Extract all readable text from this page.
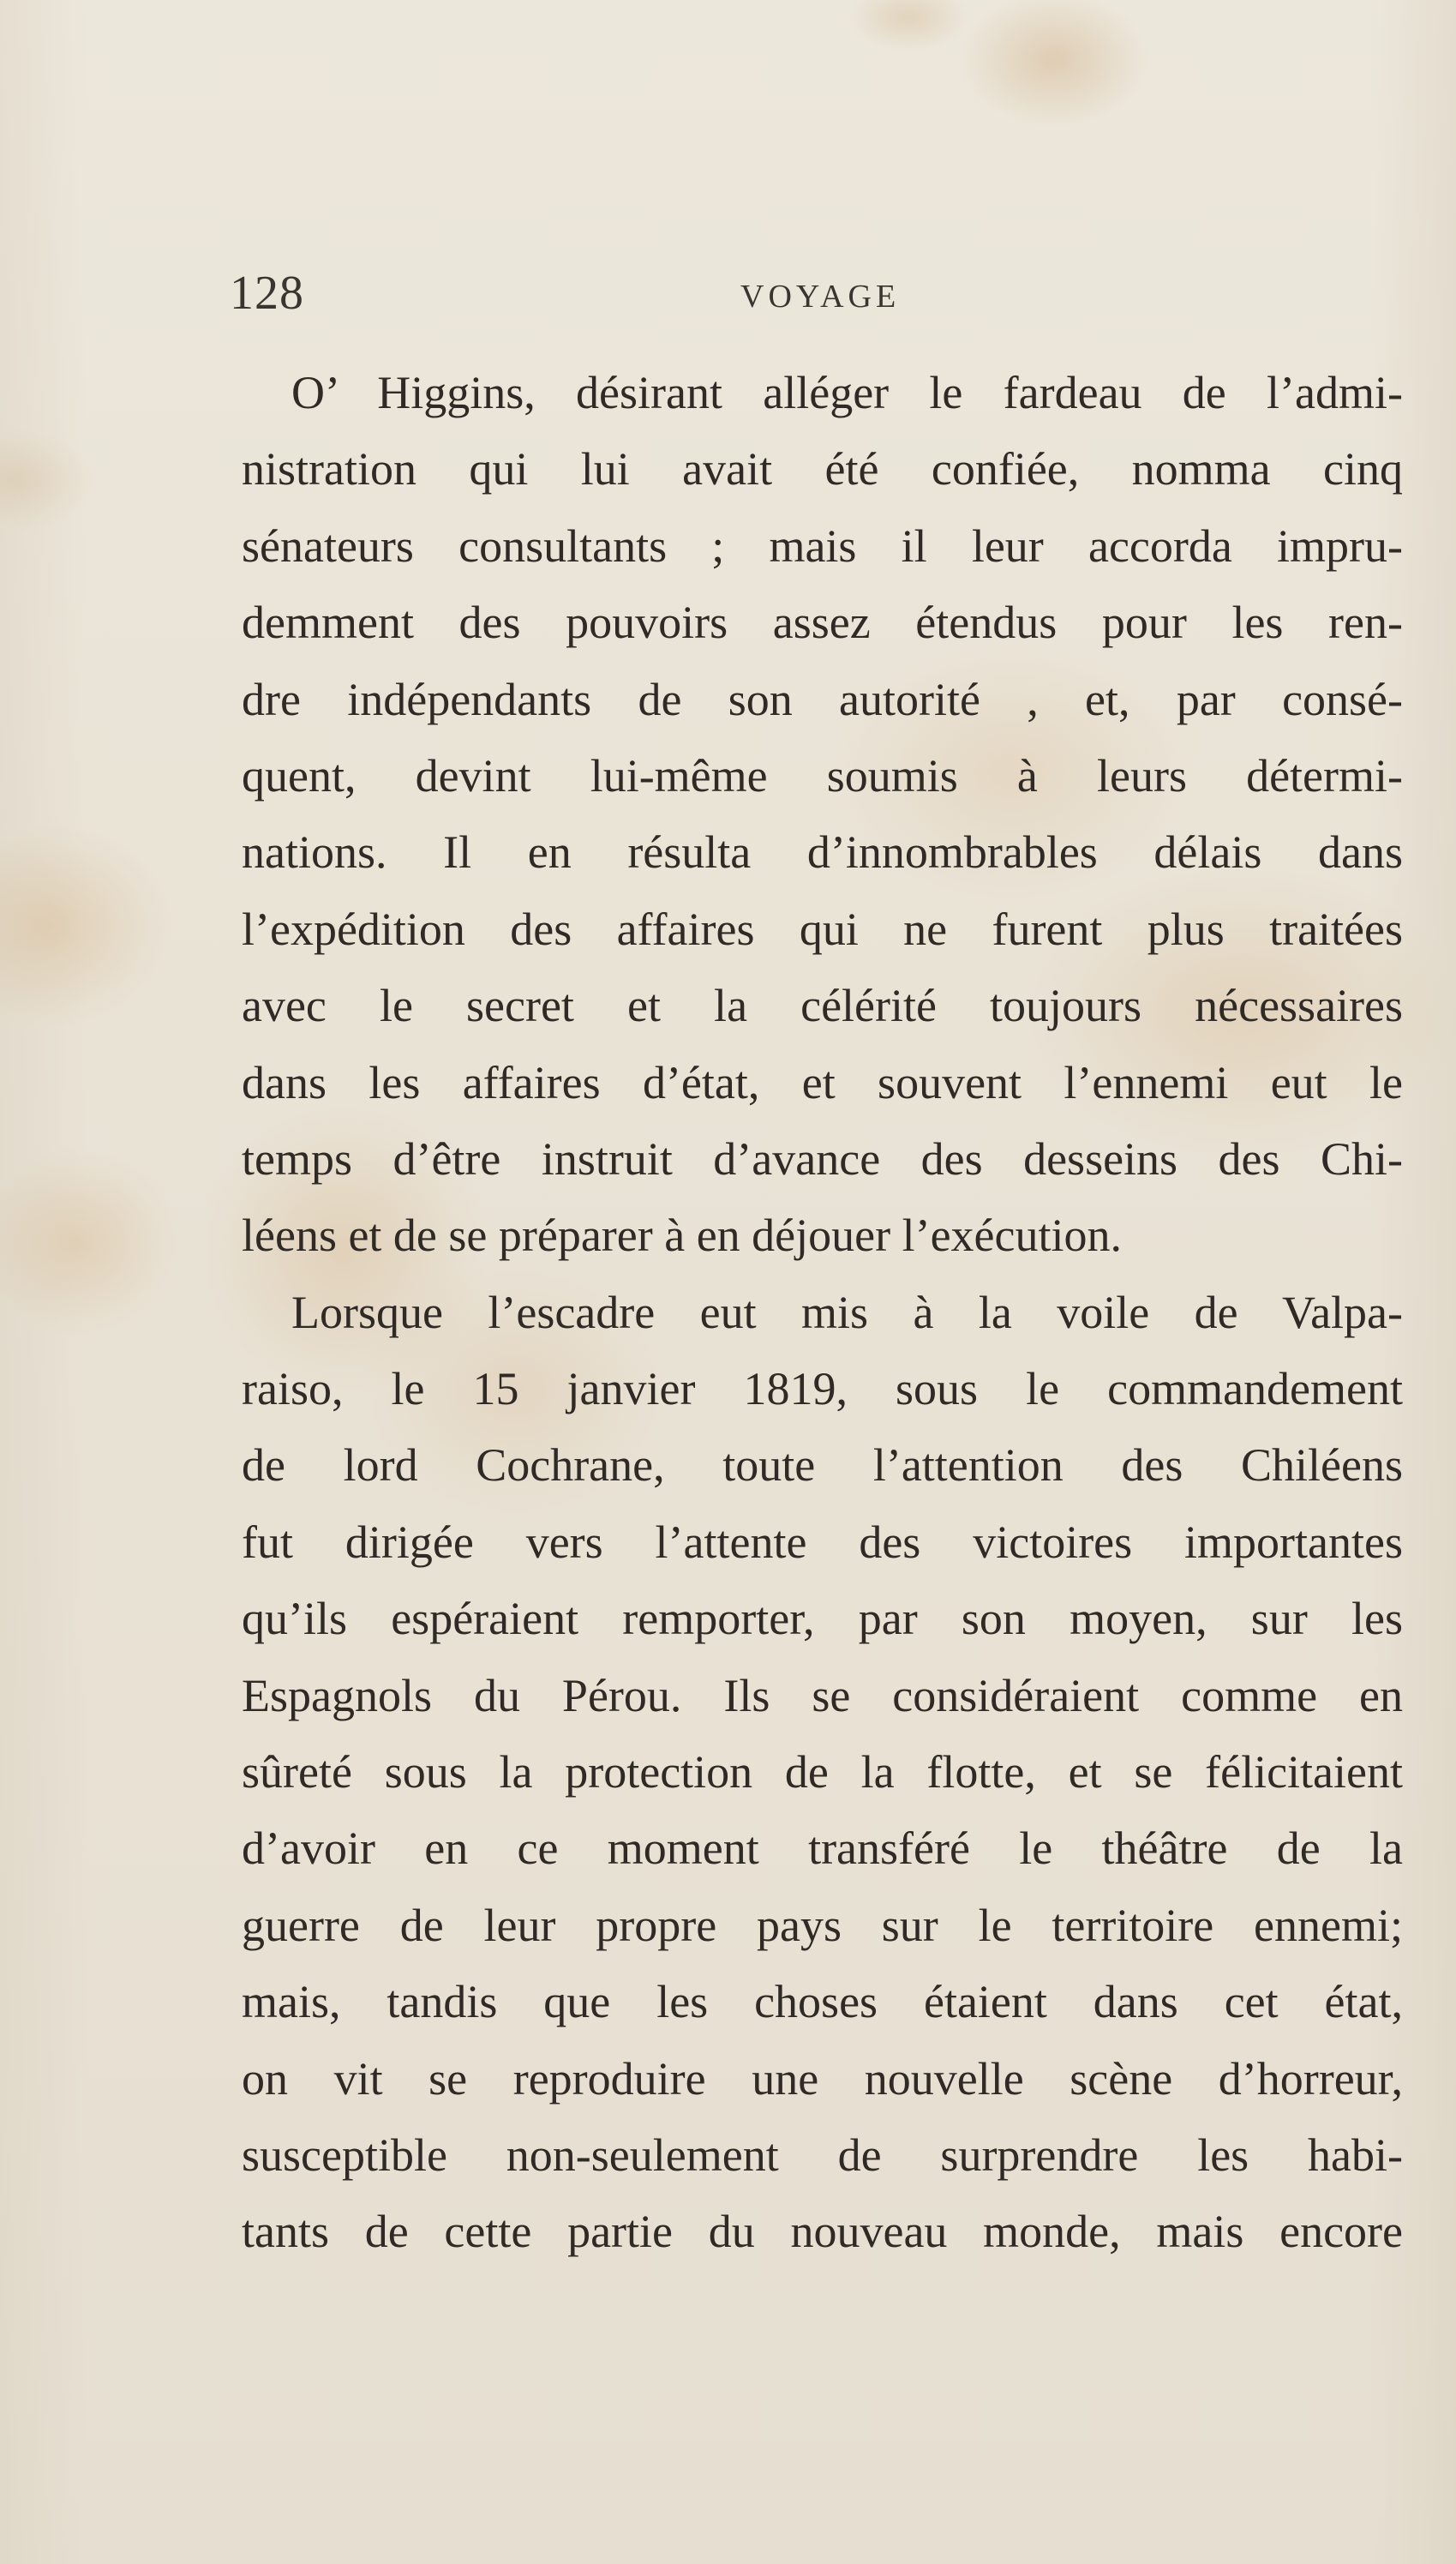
128	VOYAGE
O’ Higgins, désirant alléger le fardeau de l’admi-
nistration qui lui avait été confiée, nomma cinq
sénateurs consultants ; mais il leur accorda impru-
demment des pouvoirs assez étendus pour les ren-
dre indépendants de son autorité , et, par consé-
quent, devint lui-même soumis à leurs détermi-
nations. Il en résulta d’innombrables délais dans
l’expédition des affaires qui ne furent plus traitées
avec le secret et la célérité toujours nécessaires
dans les affaires d’état, et souvent l’ennemi eut le
temps d’être instruit d’avance des desseins des Chi-
léens et de se préparer à en déjouer l’exécution.
Lorsque l’escadre eut mis à la voile de Valpa-
raiso, le 15 janvier 1819, sous le commandement
de lord Cochrane, toute l’attention des Chiléens
fut dirigée vers l’attente des victoires importantes
qu’ils espéraient remporter, par son moyen, sur les
Espagnols du Pérou. Ils se considéraient comme en
sûreté sous la protection de la flotte, et se félicitaient
d’avoir en ce moment transféré le théâtre de la
guerre de leur propre pays sur le territoire ennemi;
mais, tandis que les choses étaient dans cet état,
on vit se reproduire une nouvelle scène d’horreur,
susceptible non-seulement de surprendre les habi-
tants de cette partie du nouveau monde, mais encore
